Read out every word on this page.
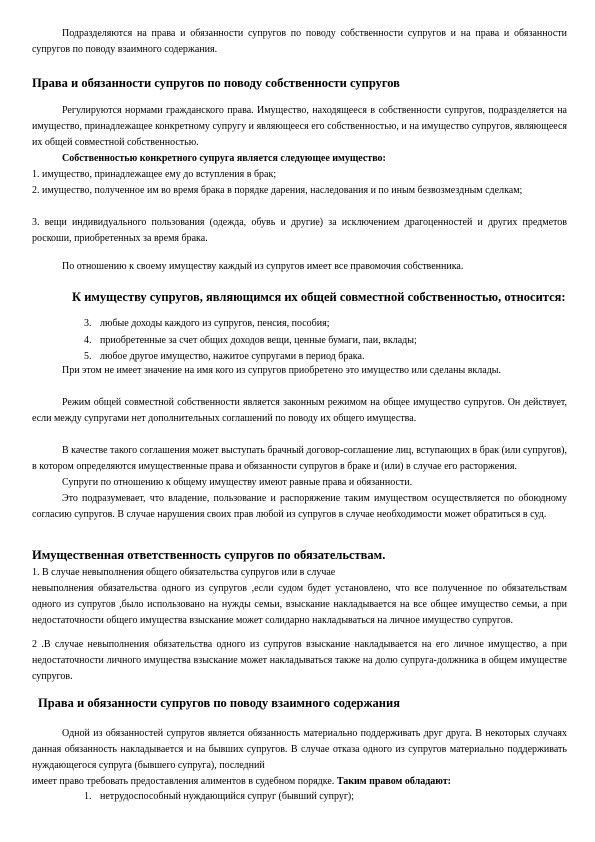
Подразделяются на права и обязанности супругов по поводу собственности супругов и на права и обязанности супругов по поводу взаимного содержания.
Права и обязанности супругов по поводу собственности супругов
Регулируются нормами гражданского права. Имущество, находящееся в собственности супругов, подразделяется на имущество, принадлежащее конкретному супругу и являющееся его собственностью, и на имущество супругов, являющееся их общей совместной собственностью.
Собственностью конкретного супруга является следующее имущество:
1. имущество, принадлежащее ему до вступления в брак;
2. имущество, полученное им во время брака в порядке дарения, наследования и по иным безвозмездным сделкам;
3. вещи индивидуального пользования (одежда, обувь и другие) за исключением драгоценностей и других предметов роскоши, приобретенных за время брака.
По отношению к своему имуществу каждый из супругов имеет все правомочия собственника.
К имуществу супругов, являющимся их общей совместной собственностью, относится:
3. любые доходы каждого из супругов, пенсия, пособия;
4. приобретенные за счет общих доходов вещи, ценные бумаги, паи, вклады;
5. любое другое имущество, нажитое супругами в период брака.
При этом не имеет значение на имя кого из супругов приобретено это имущество или сделаны вклады.
Режим общей совместной собственности является законным режимом на общее имущество супругов. Он действует, если между супругами нет дополнительных соглашений по поводу их общего имущества.
В качестве такого соглашения может выступать брачный договор-соглашение лиц, вступающих в брак (или супругов), в котором определяются имущественные права и обязанности супругов в браке и (или) в случае его расторжения.
Супруги по отношению к общему имуществу имеют равные права и обязанности.
Это подразумевает, что владение, пользование и распоряжение таким имуществом осуществляется по обоюдному согласию супругов. В случае нарушения своих прав любой из супругов в случае необходимости может обратиться в суд.
Имущественная ответственность супругов по обязательствам.
1. В случае невыполнения общего обязательства супругов или в случае
невыполнения обязательства одного из супругов ,если судом будет установлено, что все полученное по обязательствам одного из супругов ,было использовано на нужды семьи, взыскание накладывается на все общее имущество семьи, а при недостаточности общего имущества взыскание может солидарно накладываться на личное имущество супругов.
2 .В случае невыполнения обязательства одного из супругов взыскание накладывается на его личное имущество, а при недостаточности личного имущества взыскание может накладываться также на долю супруга-должника в общем имуществе супругов.
Права и обязанности супругов по поводу взаимного содержания
Одной из обязанностей супругов является обязанность материально поддерживать друг друга. В некоторых случаях данная обязанность накладывается и на бывших супругов. В случае отказа одного из супругов материально поддерживать нуждающегося супруга (бывшего супруга), последний
имеет право требовать предоставления алиментов в судебном порядке. Таким правом обладают:
1. нетрудоспособный нуждающийся супруг (бывший супруг);
